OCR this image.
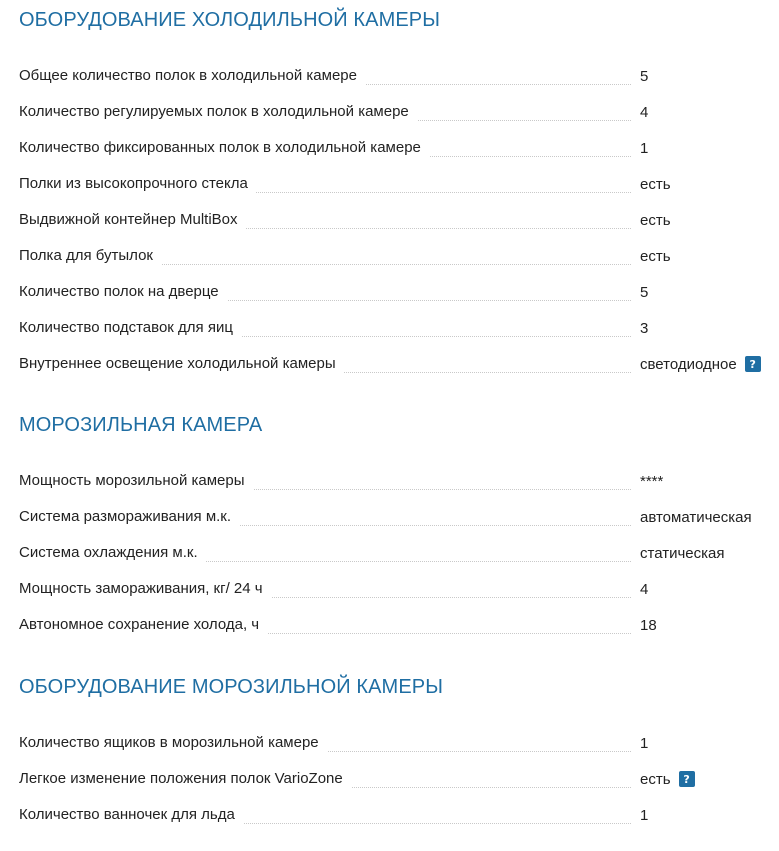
ОБОРУДОВАНИЕ ХОЛОДИЛЬНОЙ КАМЕРЫ
Общее количество полок в холодильной камере	5
Количество регулируемых полок в холодильной камере	4
Количество фиксированных полок в холодильной камере	1
Полки из высокопрочного стекла	есть
Выдвижной контейнер MultiBox	есть
Полка для бутылок	есть
Количество полок на дверце	5
Количество подставок для яиц	3
Внутреннее освещение холодильной камеры	светодиодное	?
МОРОЗИЛЬНАЯ КАМЕРА
Мощность морозильной камеры	****
Система размораживания м.к.	автоматическая
Система охлаждения м.к.	статическая
Мощность замораживания, кг/ 24 ч	4
Автономное сохранение холода, ч	18
ОБОРУДОВАНИЕ МОРОЗИЛЬНОЙ КАМЕРЫ
Количество ящиков в морозильной камере	1
Легкое изменение положения полок VarioZone	есть	?
Количество ванночек для льда	1
